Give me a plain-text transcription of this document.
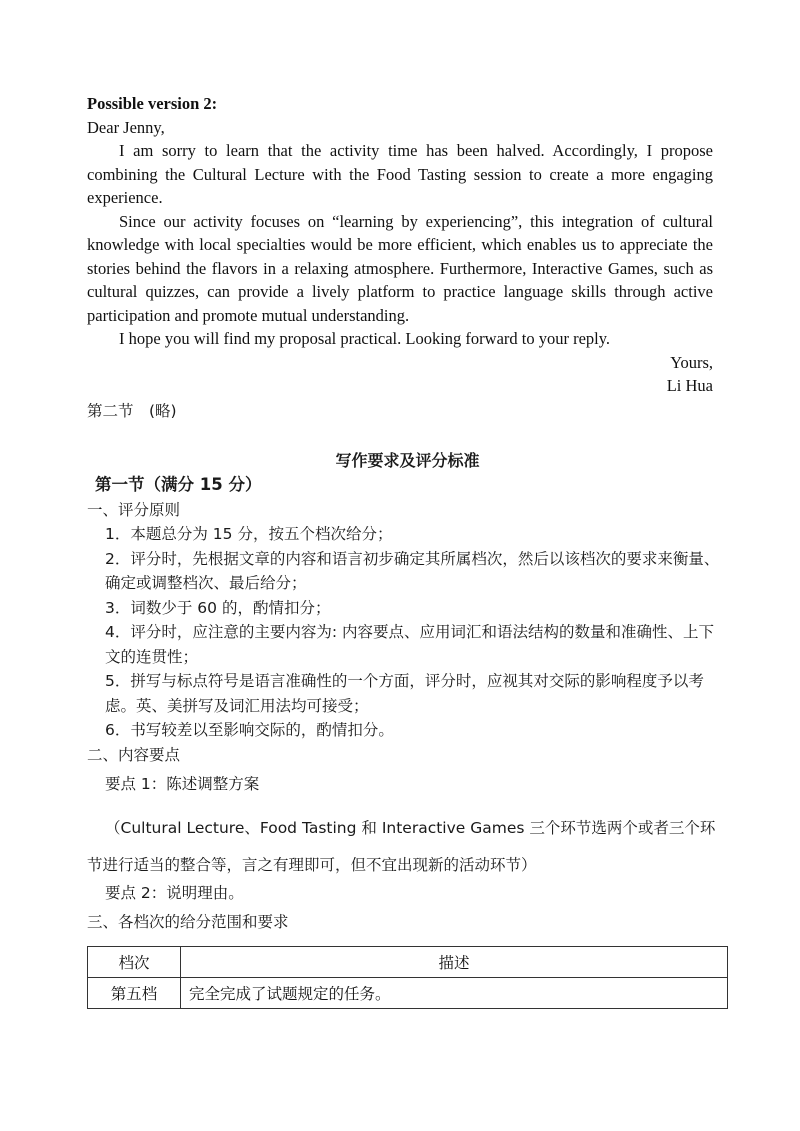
Possible version 2:

Dear Jenny,

I am sorry to learn that the activity time has been halved. Accordingly, I propose combining the Cultural Lecture with the Food Tasting session to create a more engaging experience.

Since our activity focuses on “learning by experiencing”, this integration of cultural knowledge with local specialties would be more efficient, which enables us to appreciate the stories behind the flavors in a relaxing atmosphere. Furthermore, Interactive Games, such as cultural quizzes, can provide a lively platform to practice language skills through active participation and promote mutual understanding.

I hope you will find my proposal practical. Looking forward to your reply.

Yours,

Li Hua

第二节　(略)

写作要求及评分标准

第一节（满分 15 分）

一、评分原则

1．本题总分为 15 分，按五个档次给分；

2．评分时，先根据文章的内容和语言初步确定其所属档次，然后以该档次的要求来衡量、确定或调整档次、最后给分；

3．词数少于 60 的，酌情扣分；

4．评分时，应注意的主要内容为: 内容要点、应用词汇和语法结构的数量和准确性、上下文的连贯性；

5．拼写与标点符号是语言准确性的一个方面，评分时，应视其对交际的影响程度予以考虑。英、美拼写及词汇用法均可接受；

6．书写较差以至影响交际的，酌情扣分。

二、内容要点

要点 1：陈述调整方案

（Cultural Lecture、Food Tasting 和 Interactive Games 三个环节选两个或者三个环节进行适当的整合等，言之有理即可，但不宜出现新的活动环节）

要点 2：说明理由。

三、各档次的给分范围和要求

档次	描述
第五档	完全完成了试题规定的任务。
